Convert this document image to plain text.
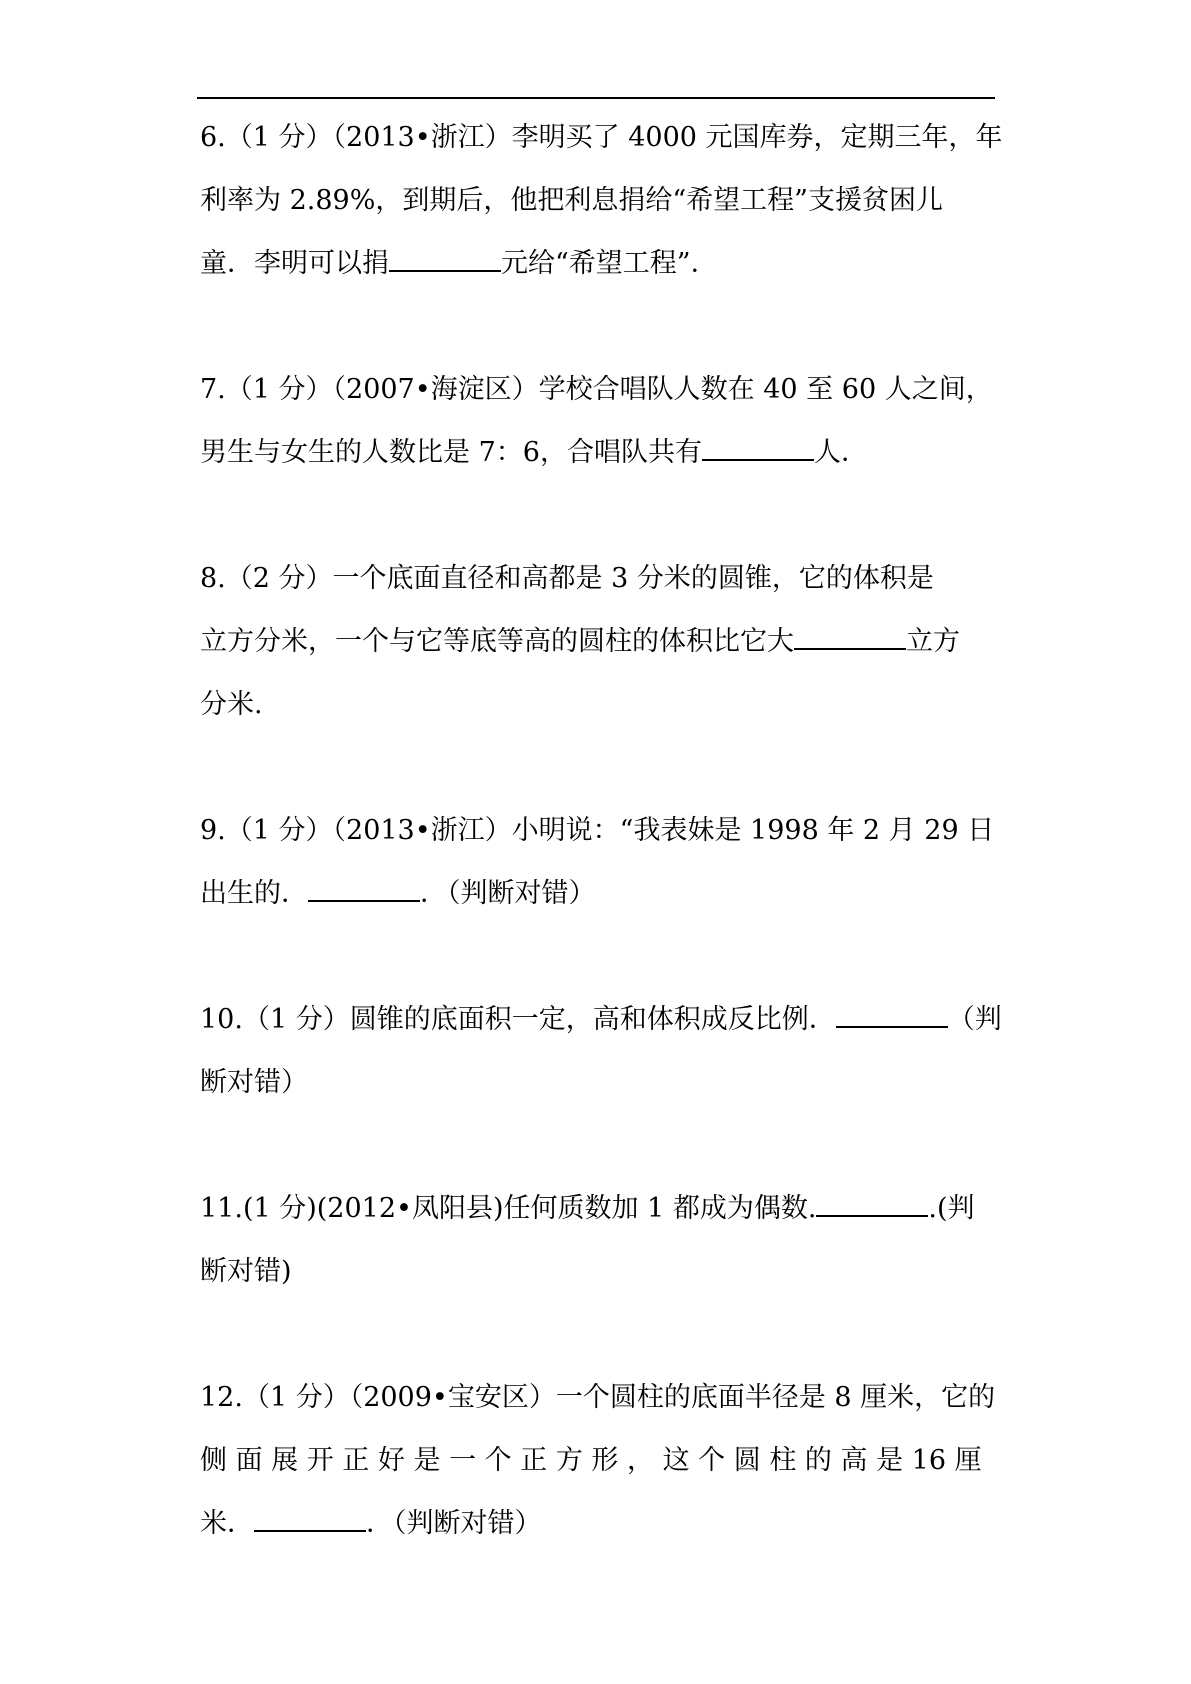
6.（1 分）（2013•浙江）李明买了 4000 元国库券，定期三年，年
利率为 2.89%，到期后，他把利息捐给“希望工程”支援贫困儿
童．李明可以捐	元给“希望工程”．
7.（1 分）（2007•海淀区）学校合唱队人数在 40 至 60 人之间，
男生与女生的人数比是 7：6，合唱队共有	人．
8.（2 分）一个底面直径和高都是 3 分米的圆锥，它的体积是
立方分米，一个与它等底等高的圆柱的体积比它大	立方
分米.
9.（1 分）（2013•浙江）小明说：“我表妹是 1998 年 2 月 29 日
出生的．	．（判断对错）
10.（1 分）圆锥的底面积一定，高和体积成反比例．	（判
断对错）
11.(1 分)(2012•凤阳县)任何质数加 1 都成为偶数.	.(判
断对错)
12.（1 分）（2009•宝安区）一个圆柱的底面半径是 8 厘米，它的
侧 面 展 开 正 好 是 一 个 正 方 形 ， 这 个 圆 柱 的 高 是 16 厘
米．	．（判断对错）
